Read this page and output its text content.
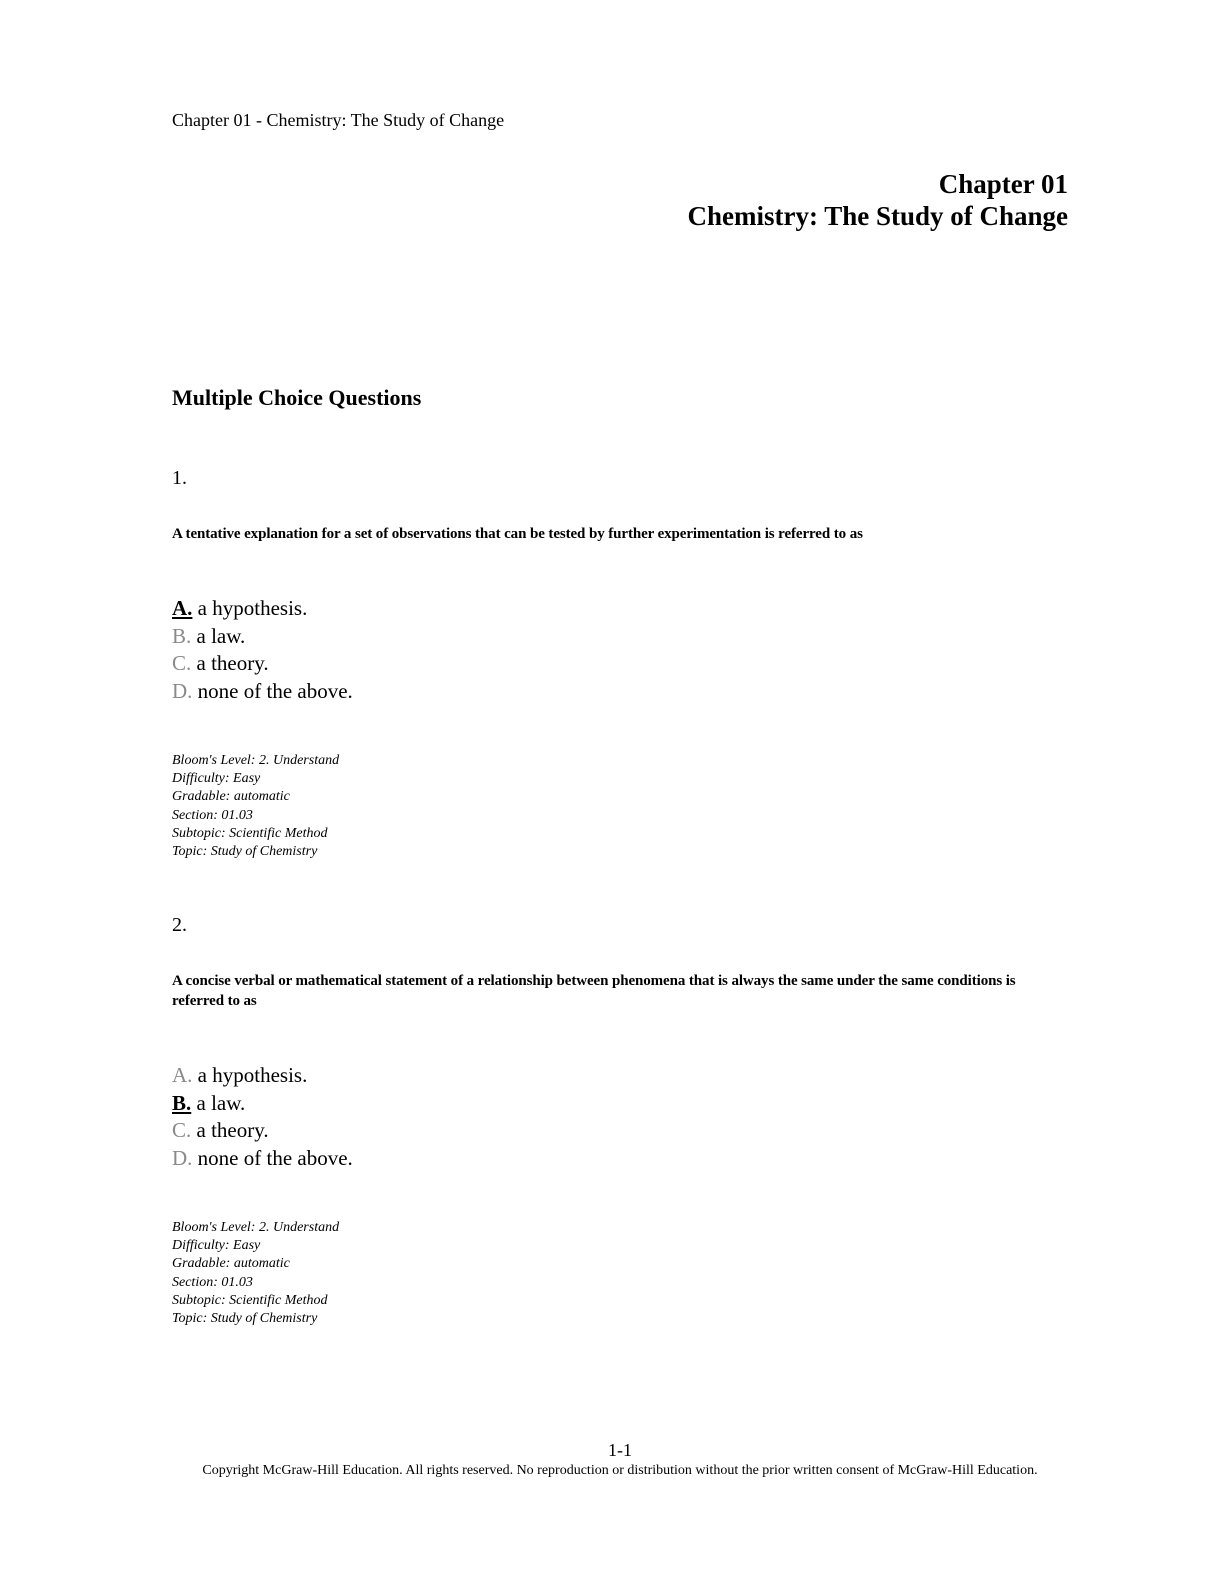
Chapter 01 - Chemistry: The Study of Change
Chapter 01
Chemistry: The Study of Change
Multiple Choice Questions
1.
A tentative explanation for a set of observations that can be tested by further experimentation is referred to as
A. a hypothesis.
B. a law.
C. a theory.
D. none of the above.
Bloom's Level: 2. Understand
Difficulty: Easy
Gradable: automatic
Section: 01.03
Subtopic: Scientific Method
Topic: Study of Chemistry
2.
A concise verbal or mathematical statement of a relationship between phenomena that is always the same under the same conditions is referred to as
A. a hypothesis.
B. a law.
C. a theory.
D. none of the above.
Bloom's Level: 2. Understand
Difficulty: Easy
Gradable: automatic
Section: 01.03
Subtopic: Scientific Method
Topic: Study of Chemistry
1-1
Copyright McGraw-Hill Education. All rights reserved. No reproduction or distribution without the prior written consent of McGraw-Hill Education.
